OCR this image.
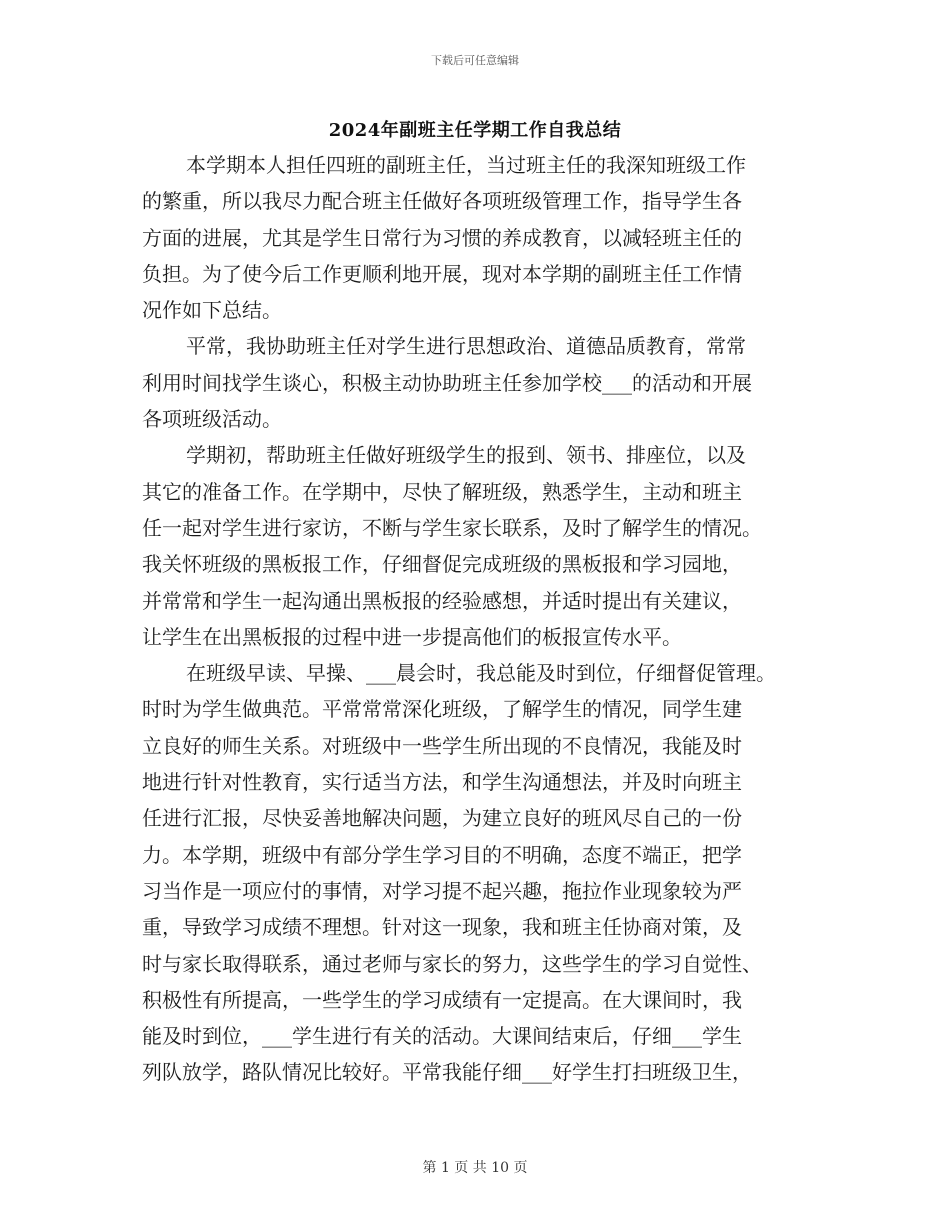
下载后可任意编辑
2024年副班主任学期工作自我总结
本学期本人担任四班的副班主任，当过班主任的我深知班级工作
的繁重，所以我尽力配合班主任做好各项班级管理工作，指导学生各
方面的进展，尤其是学生日常行为习惯的养成教育，以减轻班主任的
负担。为了使今后工作更顺利地开展，现对本学期的副班主任工作情
况作如下总结。
平常，我协助班主任对学生进行思想政治、道德品质教育，常常
利用时间找学生谈心，积极主动协助班主任参加学校___的活动和开展
各项班级活动。
学期初，帮助班主任做好班级学生的报到、领书、排座位，以及
其它的准备工作。在学期中，尽快了解班级，熟悉学生，主动和班主
任一起对学生进行家访，不断与学生家长联系，及时了解学生的情况。
我关怀班级的黑板报工作，仔细督促完成班级的黑板报和学习园地，
并常常和学生一起沟通出黑板报的经验感想，并适时提出有关建议，
让学生在出黑板报的过程中进一步提高他们的板报宣传水平。
在班级早读、早操、___晨会时，我总能及时到位，仔细督促管理。
时时为学生做典范。平常常常深化班级，了解学生的情况，同学生建
立良好的师生关系。对班级中一些学生所出现的不良情况，我能及时
地进行针对性教育，实行适当方法，和学生沟通想法，并及时向班主
任进行汇报，尽快妥善地解决问题，为建立良好的班风尽自己的一份
力。本学期，班级中有部分学生学习目的不明确，态度不端正，把学
习当作是一项应付的事情，对学习提不起兴趣，拖拉作业现象较为严
重，导致学习成绩不理想。针对这一现象，我和班主任协商对策，及
时与家长取得联系，通过老师与家长的努力，这些学生的学习自觉性、
积极性有所提高，一些学生的学习成绩有一定提高。在大课间时，我
能及时到位，___学生进行有关的活动。大课间结束后，仔细___学生
列队放学，路队情况比较好。平常我能仔细___好学生打扫班级卫生，
第 1 页 共 10 页
